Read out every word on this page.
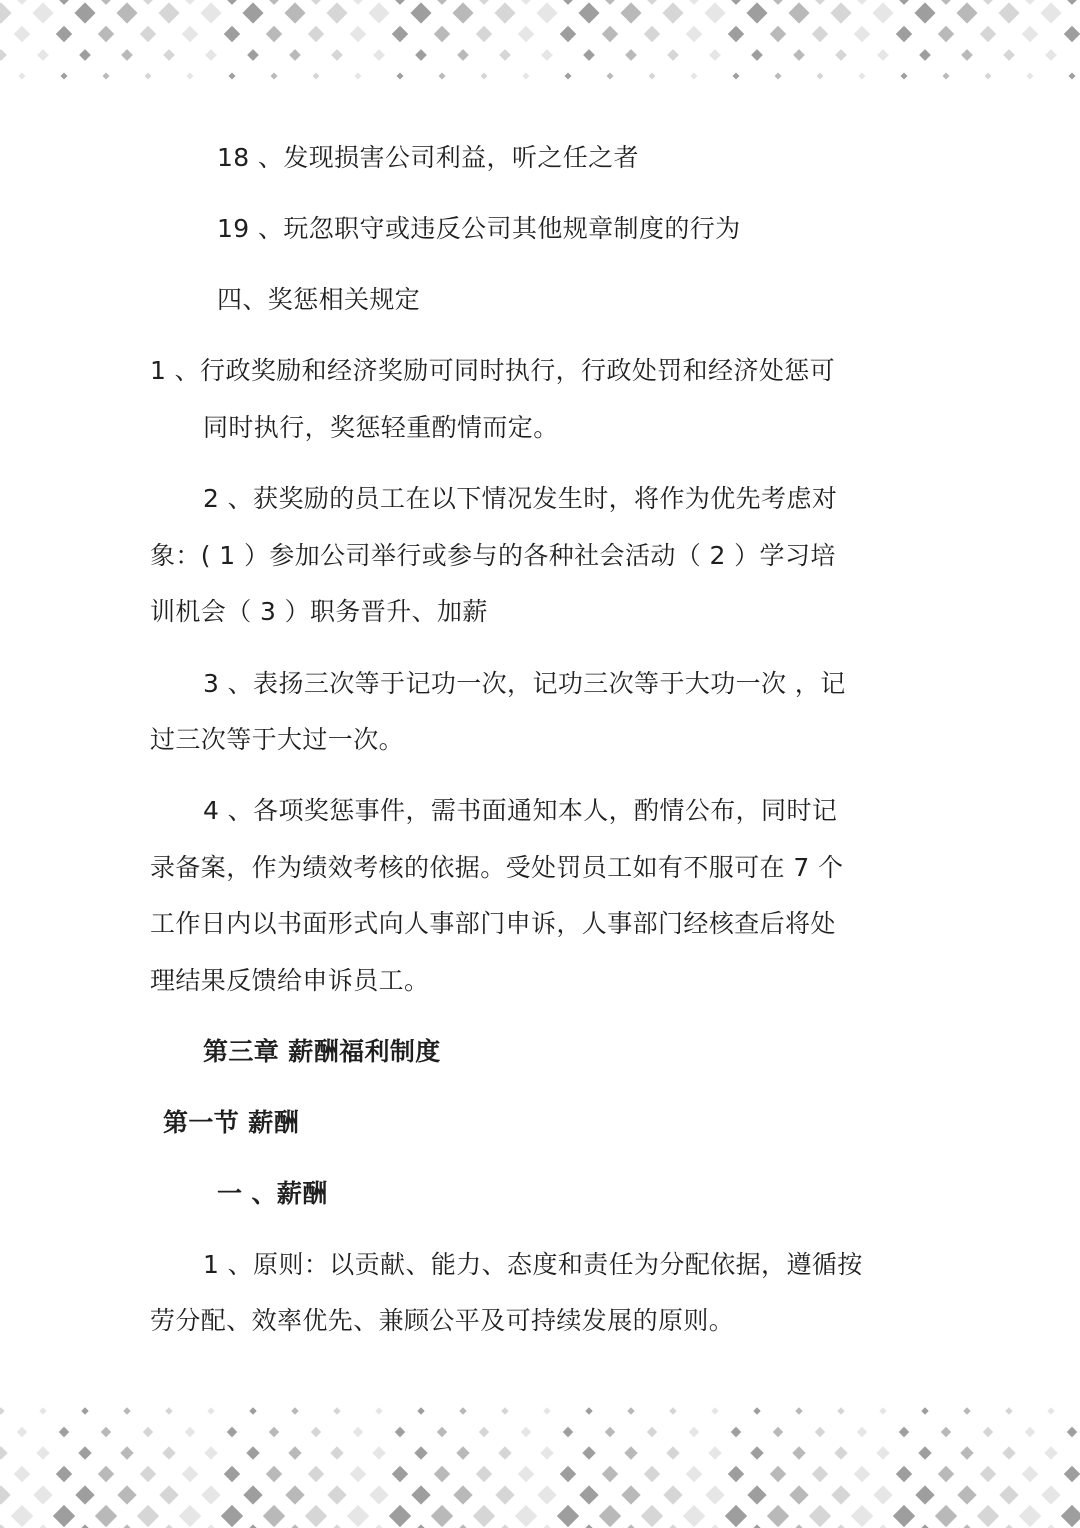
18 、发现损害公司利益，听之任之者
19 、玩忽职守或违反公司其他规章制度的行为
四、奖惩相关规定
1 、行政奖励和经济奖励可同时执行，行政处罚和经济处惩可
同时执行，奖惩轻重酌情而定。
2 、获奖励的员工在以下情况发生时，将作为优先考虑对
象：( 1 ）参加公司举行或参与的各种社会活动（ 2 ）学习培
训机会（ 3 ）职务晋升、加薪
3 、表扬三次等于记功一次，记功三次等于大功一次 ，记
过三次等于大过一次。
4 、各项奖惩事件，需书面通知本人，酌情公布，同时记
录备案，作为绩效考核的依据。受处罚员工如有不服可在 7 个
工作日内以书面形式向人事部门申诉，人事部门经核查后将处
理结果反馈给申诉员工。
第三章 薪酬福利制度
第一节 薪酬
一 、薪酬
1 、原则：以贡献、能力、态度和责任为分配依据，遵循按
劳分配、效率优先、兼顾公平及可持续发展的原则。
